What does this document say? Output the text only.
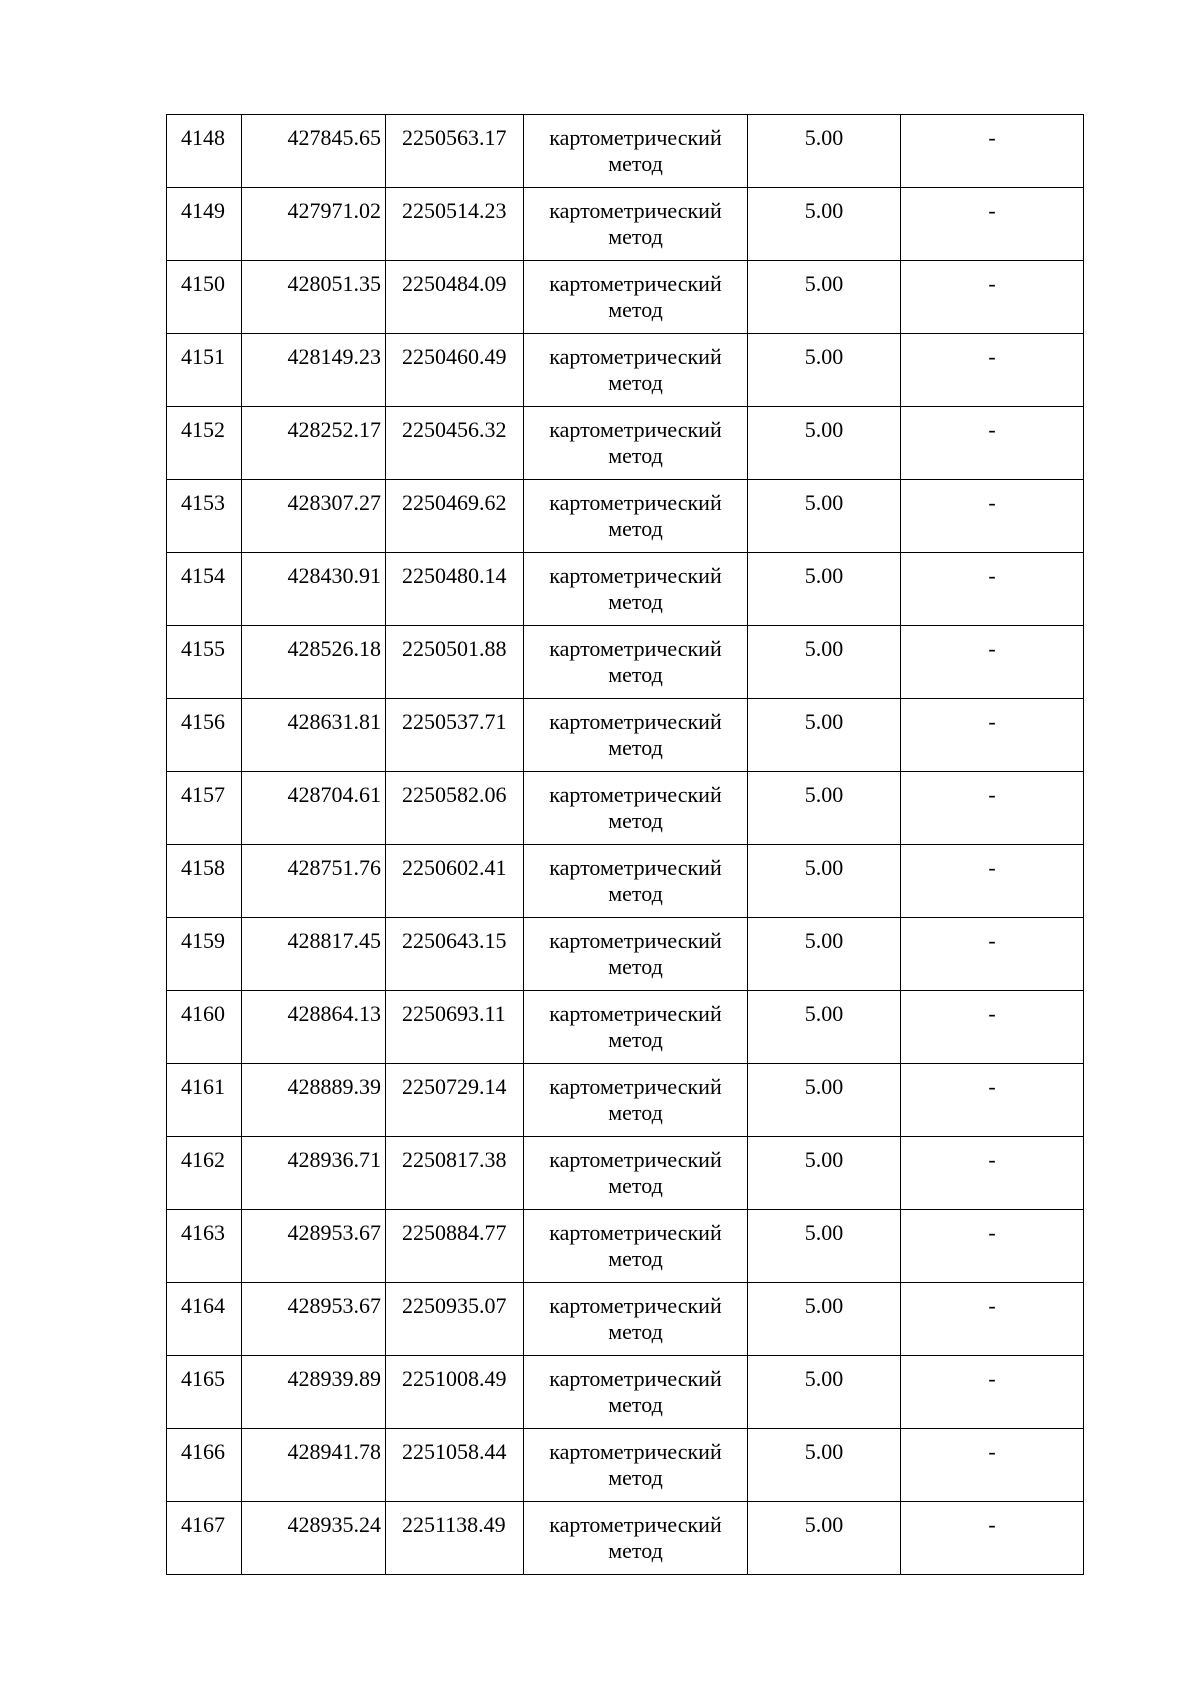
4148	427845.65	2250563.17	картометрический метод	5.00	-
4149	427971.02	2250514.23	картометрический метод	5.00	-
4150	428051.35	2250484.09	картометрический метод	5.00	-
4151	428149.23	2250460.49	картометрический метод	5.00	-
4152	428252.17	2250456.32	картометрический метод	5.00	-
4153	428307.27	2250469.62	картометрический метод	5.00	-
4154	428430.91	2250480.14	картометрический метод	5.00	-
4155	428526.18	2250501.88	картометрический метод	5.00	-
4156	428631.81	2250537.71	картометрический метод	5.00	-
4157	428704.61	2250582.06	картометрический метод	5.00	-
4158	428751.76	2250602.41	картометрический метод	5.00	-
4159	428817.45	2250643.15	картометрический метод	5.00	-
4160	428864.13	2250693.11	картометрический метод	5.00	-
4161	428889.39	2250729.14	картометрический метод	5.00	-
4162	428936.71	2250817.38	картометрический метод	5.00	-
4163	428953.67	2250884.77	картометрический метод	5.00	-
4164	428953.67	2250935.07	картометрический метод	5.00	-
4165	428939.89	2251008.49	картометрический метод	5.00	-
4166	428941.78	2251058.44	картометрический метод	5.00	-
4167	428935.24	2251138.49	картометрический метод	5.00	-
